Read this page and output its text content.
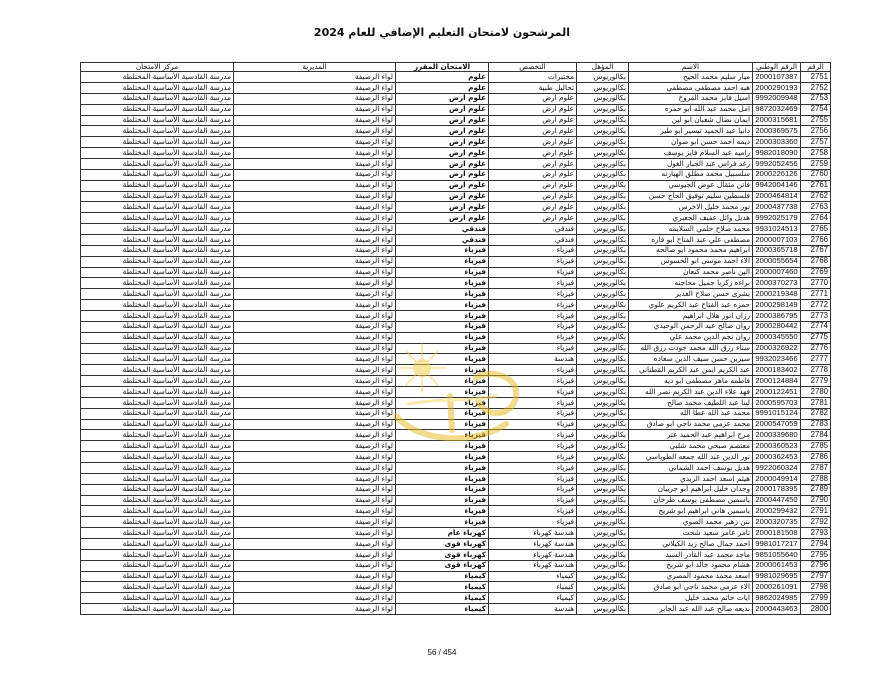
المرشحون لامتحان التعليم الإضافي للعام 2024
الرقم	الرقم الوطني	الاسم	المؤهل	التخصص	الامتحان المقرر	المديرية	مركز الامتحان
2751	2000107387	ميار سليم محمد الحيح	بكالوريوس	مختبرات	علوم	لواء الرصيفة	مدرسة القادسية الأساسية المختلطة
2752	2000290193	هبه احمد مصطفى مصطفى	بكالوريوس	تحاليل طبية	علوم	لواء الرصيفة	مدرسة القادسية الأساسية المختلطة
2753	9992009948	اسيل فايز محمد الفروخ	بكالوريوس	علوم ارض	علوم ارض	لواء الرصيفة	مدرسة القادسية الأساسية المختلطة
2754	9872032469	امل محمد عبد الله ابو حمره	بكالوريوس	علوم ارض	علوم ارض	لواء الرصيفة	مدرسة القادسية الأساسية المختلطة
2755	2000315681	ايمان نضال شعبان ابو لبن	بكالوريوس	علوم ارض	علوم ارض	لواء الرصيفة	مدرسة القادسية الأساسية المختلطة
2756	2000369575	دانيا عبد الحميد تيسير ابو طير	بكالوريوس	علوم ارض	علوم ارض	لواء الرصيفة	مدرسة القادسية الأساسية المختلطة
2757	2000303360	ديمه احمد حسن ابو صوان	بكالوريوس	علوم ارض	علوم ارض	لواء الرصيفة	مدرسة القادسية الأساسية المختلطة
2758	9982018090	راميه عبد السلام فايز يوسف	بكالوريوس	علوم ارض	علوم ارض	لواء الرصيفة	مدرسة القادسية الأساسية المختلطة
2759	9992052456	رغد فراس عبد الجبار الغول	بكالوريوس	علوم ارض	علوم ارض	لواء الرصيفة	مدرسة القادسية الأساسية المختلطة
2760	2000226126	سلسبيل محمد مطلق الهبارنه	بكالوريوس	علوم ارض	علوم ارض	لواء الرصيفة	مدرسة القادسية الأساسية المختلطة
2761	9942004146	فاتن مثقال عوض الجيوسي	بكالوريوس	علوم ارض	علوم ارض	لواء الرصيفة	مدرسة القادسية الأساسية المختلطة
2762	2000464814	فلسطين سليم توفيق الحاج حسن	بكالوريوس	علوم ارض	علوم ارض	لواء الرصيفة	مدرسة القادسية الأساسية المختلطة
2763	2000437738	نور محمد خليل الاخرس	بكالوريوس	علوم ارض	علوم ارض	لواء الرصيفة	مدرسة القادسية الأساسية المختلطة
2764	9992025179	هديل وائل عفيف الجعبري	بكالوريوس	علوم ارض	علوم ارض	لواء الرصيفة	مدرسة القادسية الأساسية المختلطة
2765	9931024513	محمد صلاح حلمي السلايمه	بكالوريوس	فندقي	فندقي	لواء الرصيفة	مدرسة القادسية الأساسية المختلطة
2766	2000007103	مصطفى علي عبد الفتاح ابو فاره	بكالوريوس	فندقي	فندقي	لواء الرصيفة	مدرسة القادسية الأساسية المختلطة
2767	2000365718	ابراهيم محمد محمود ابو صالحه	بكالوريوس	فيزياء	فيزياء	لواء الرصيفة	مدرسة القادسية الأساسية المختلطة
2768	2000055654	الاء احمد موسى ابو الحسوس	بكالوريوس	فيزياء	فيزياء	لواء الرصيفة	مدرسة القادسية الأساسية المختلطة
2769	2000007460	الين ناصر محمد كنعان	بكالوريوس	فيزياء	فيزياء	لواء الرصيفة	مدرسة القادسية الأساسية المختلطة
2770	2000370273	براءه زكريا جميل محاجنه	بكالوريوس	فيزياء	فيزياء	لواء الرصيفة	مدرسة القادسية الأساسية المختلطة
2771	2000219348	بشرى حسن صلاح الغدير	بكالوريوس	فيزياء	فيزياء	لواء الرصيفة	مدرسة القادسية الأساسية المختلطة
2772	2000298149	حمزه عبد الفتاح عبد الكريم علوي	بكالوريوس	فيزياء	فيزياء	لواء الرصيفة	مدرسة القادسية الأساسية المختلطة
2773	2000386795	رزان انور هلال ابراهيم	بكالوريوس	فيزياء	فيزياء	لواء الرصيفة	مدرسة القادسية الأساسية المختلطة
2774	2000280442	روان صالح عبد الرحمن الوحيدي	بكالوريوس	فيزياء	فيزياء	لواء الرصيفة	مدرسة القادسية الأساسية المختلطة
2775	2000345550	روان نجم الدين محمد علي	بكالوريوس	فيزياء	فيزياء	لواء الرصيفة	مدرسة القادسية الأساسية المختلطة
2776	2000326922	سناء رزق الله محمد جودت رزق الله	بكالوريوس	فيزياء	فيزياء	لواء الرصيفة	مدرسة القادسية الأساسية المختلطة
2777	9932023466	سيرين حسن سيف الدين سعاده	بكالوريوس	هندسة	فيزياء	لواء الرصيفة	مدرسة القادسية الأساسية المختلطة
2778	2000183402	عبد الكريم ايمن عبد الكريم القطناني	بكالوريوس	فيزياء	فيزياء	لواء الرصيفة	مدرسة القادسية الأساسية المختلطة
2779	2000124884	فاطمه ماهر مصطفى ابو ديه	بكالوريوس	فيزياء	فيزياء	لواء الرصيفة	مدرسة القادسية الأساسية المختلطة
2780	2000122451	فهد علاء الدين عبد الكريم نصر الله	بكالوريوس	فيزياء	فيزياء	لواء الرصيفة	مدرسة القادسية الأساسية المختلطة
2781	2000595703	لينا عبد اللطيف محمد صالح	بكالوريوس	فيزياء	فيزياء	لواء الرصيفة	مدرسة القادسية الأساسية المختلطة
2782	9991015124	محمد عبد الله عطا الله	بكالوريوس	فيزياء	فيزياء	لواء الرصيفة	مدرسة القادسية الأساسية المختلطة
2783	2000547059	محمد عزمي محمد ناجي ابو صادق	بكالوريوس	فيزياء	فيزياء	لواء الرصيفة	مدرسة القادسية الأساسية المختلطة
2784	2000339680	مرح ابراهيم عبد الحميد عتر	بكالوريوس	فيزياء	فيزياء	لواء الرصيفة	مدرسة القادسية الأساسية المختلطة
2785	2000360523	معتصم صبحي محمد شلبي	بكالوريوس	فيزياء	فيزياء	لواء الرصيفة	مدرسة القادسية الأساسية المختلطة
2786	2000362453	نور الدين عبد الله جمعه الطوباسي	بكالوريوس	فيزياء	فيزياء	لواء الرصيفة	مدرسة القادسية الأساسية المختلطة
2787	9922060324	هديل يوسف احمد الشماتي	بكالوريوس	فيزياء	فيزياء	لواء الرصيفة	مدرسة القادسية الأساسية المختلطة
2788	2000049914	هيثم اسعد احمد الزبدي	بكالوريوس	فيزياء	فيزياء	لواء الرصيفة	مدرسة القادسية الأساسية المختلطة
2789	2000178395	وجدان خليل ابراهيم ابو جريبان	بكالوريوس	فيزياء	فيزياء	لواء الرصيفة	مدرسة القادسية الأساسية المختلطة
2790	2000447450	ياسمين مصطفى يوسف طرخان	بكالوريوس	فيزياء	فيزياء	لواء الرصيفة	مدرسة القادسية الأساسية المختلطة
2791	2000299432	ياسمين هاني ابراهيم ابو شريخ	بكالوريوس	فيزياء	فيزياء	لواء الرصيفة	مدرسة القادسية الأساسية المختلطة
2792	2000320735	بنن زهير محمد الصوي	بكالوريوس	فيزياء	فيزياء	لواء الرصيفة	مدرسة القادسية الأساسية المختلطة
2793	2000181508	تامر عامر سعيد شحت	بكالوريوس	هندسة كهرباء	كهرباء عام	لواء الرصيفة	مدرسة القادسية الأساسية المختلطة
2794	9981017217	احمد جمال صالح زيد الكيلاني	بكالوريوس	هندسة كهرباء	كهرباء قوى	لواء الرصيفة	مدرسة القادسية الأساسية المختلطة
2795	9851055640	ماجد محمد عبد القادر السيد	بكالوريوس	هندسة كهرباء	كهرباء قوى	لواء الرصيفة	مدرسة القادسية الأساسية المختلطة
2796	2000061453	هشام محمود خالد ابو شريخ	بكالوريوس	هندسة كهرباء	كهرباء قوى	لواء الرصيفة	مدرسة القادسية الأساسية المختلطة
2797	9981029695	اسعد محمد محمود المصري	بكالوريوس	كيمياء	كيمياء	لواء الرصيفة	مدرسة القادسية الأساسية المختلطة
2798	2000261091	الاء عزمي محمد ناجي ابو صادق	بكالوريوس	كيمياء	كيمياء	لواء الرصيفة	مدرسة القادسية الأساسية المختلطة
2799	9862024985	ايات حاتم محمد خليل	بكالوريوس	كيمياء	كيمياء	لواء الرصيفة	مدرسة القادسية الأساسية المختلطة
2800	2000443463	بديعه صالح عبد الله عبد الجابر	بكالوريوس	هندسة	كيمياء	لواء الرصيفة	مدرسة القادسية الأساسية المختلطة
56 / 454
